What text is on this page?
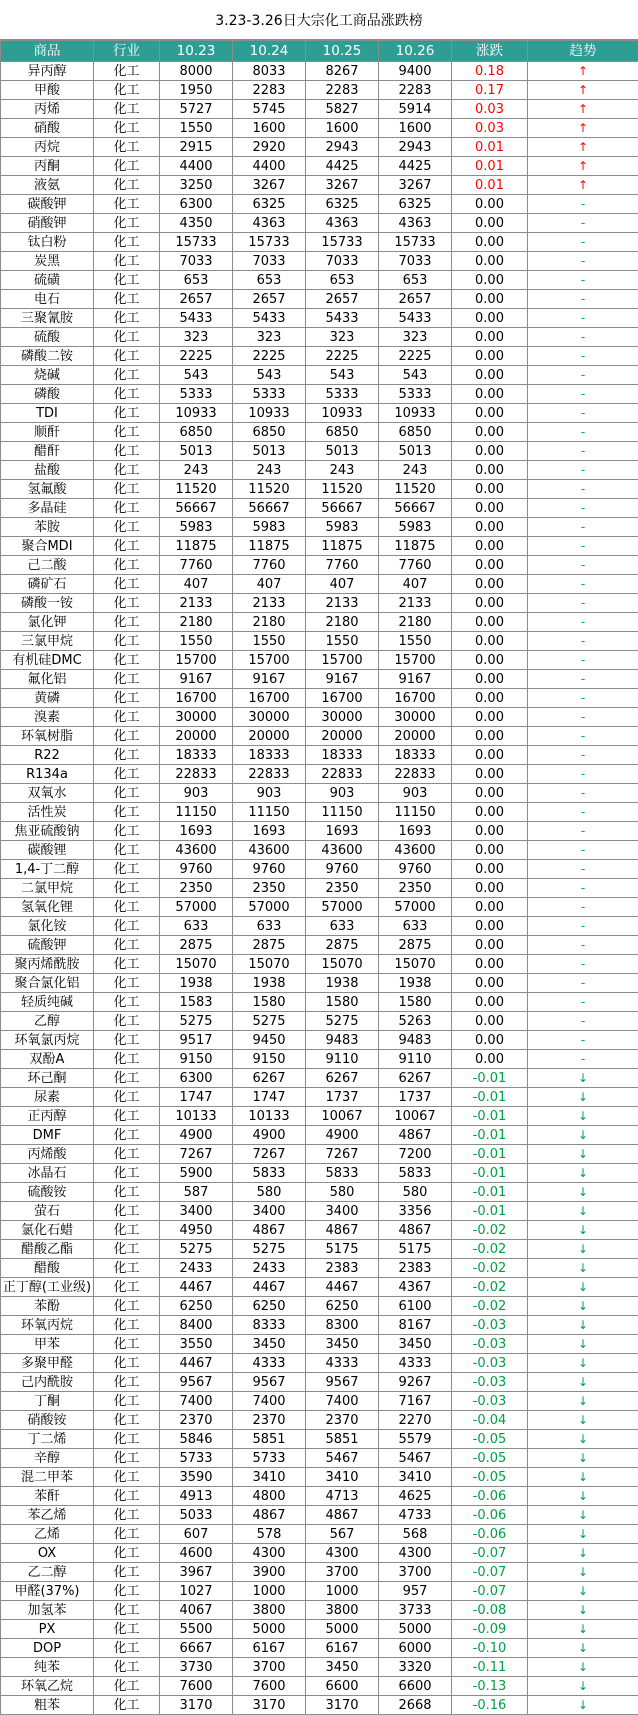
3.23-3.26日大宗化工商品涨跌榜
商品	行业	10.23	10.24	10.25	10.26	涨跌	趋势
异丙醇	化工	8000	8033	8267	9400	0.18	↑
甲酸	化工	1950	2283	2283	2283	0.17	↑
丙烯	化工	5727	5745	5827	5914	0.03	↑
硝酸	化工	1550	1600	1600	1600	0.03	↑
丙烷	化工	2915	2920	2943	2943	0.01	↑
丙酮	化工	4400	4400	4425	4425	0.01	↑
液氨	化工	3250	3267	3267	3267	0.01	↑
碳酸钾	化工	6300	6325	6325	6325	0.00	-
硝酸钾	化工	4350	4363	4363	4363	0.00	-
钛白粉	化工	15733	15733	15733	15733	0.00	-
炭黑	化工	7033	7033	7033	7033	0.00	-
硫磺	化工	653	653	653	653	0.00	-
电石	化工	2657	2657	2657	2657	0.00	-
三聚氰胺	化工	5433	5433	5433	5433	0.00	-
硫酸	化工	323	323	323	323	0.00	-
磷酸二铵	化工	2225	2225	2225	2225	0.00	-
烧碱	化工	543	543	543	543	0.00	-
磷酸	化工	5333	5333	5333	5333	0.00	-
TDI	化工	10933	10933	10933	10933	0.00	-
顺酐	化工	6850	6850	6850	6850	0.00	-
醋酐	化工	5013	5013	5013	5013	0.00	-
盐酸	化工	243	243	243	243	0.00	-
氢氟酸	化工	11520	11520	11520	11520	0.00	-
多晶硅	化工	56667	56667	56667	56667	0.00	-
苯胺	化工	5983	5983	5983	5983	0.00	-
聚合MDI	化工	11875	11875	11875	11875	0.00	-
己二酸	化工	7760	7760	7760	7760	0.00	-
磷矿石	化工	407	407	407	407	0.00	-
磷酸一铵	化工	2133	2133	2133	2133	0.00	-
氯化钾	化工	2180	2180	2180	2180	0.00	-
三氯甲烷	化工	1550	1550	1550	1550	0.00	-
有机硅DMC	化工	15700	15700	15700	15700	0.00	-
氟化铝	化工	9167	9167	9167	9167	0.00	-
黄磷	化工	16700	16700	16700	16700	0.00	-
溴素	化工	30000	30000	30000	30000	0.00	-
环氧树脂	化工	20000	20000	20000	20000	0.00	-
R22	化工	18333	18333	18333	18333	0.00	-
R134a	化工	22833	22833	22833	22833	0.00	-
双氧水	化工	903	903	903	903	0.00	-
活性炭	化工	11150	11150	11150	11150	0.00	-
焦亚硫酸钠	化工	1693	1693	1693	1693	0.00	-
碳酸锂	化工	43600	43600	43600	43600	0.00	-
1,4-丁二醇	化工	9760	9760	9760	9760	0.00	-
二氯甲烷	化工	2350	2350	2350	2350	0.00	-
氢氧化锂	化工	57000	57000	57000	57000	0.00	-
氯化铵	化工	633	633	633	633	0.00	-
硫酸钾	化工	2875	2875	2875	2875	0.00	-
聚丙烯酰胺	化工	15070	15070	15070	15070	0.00	-
聚合氯化铝	化工	1938	1938	1938	1938	0.00	-
轻质纯碱	化工	1583	1580	1580	1580	0.00	-
乙醇	化工	5275	5275	5275	5263	0.00	-
环氧氯丙烷	化工	9517	9450	9483	9483	0.00	-
双酚A	化工	9150	9150	9110	9110	0.00	-
环己酮	化工	6300	6267	6267	6267	-0.01	↓
尿素	化工	1747	1747	1737	1737	-0.01	↓
正丙醇	化工	10133	10133	10067	10067	-0.01	↓
DMF	化工	4900	4900	4900	4867	-0.01	↓
丙烯酸	化工	7267	7267	7267	7200	-0.01	↓
冰晶石	化工	5900	5833	5833	5833	-0.01	↓
硫酸铵	化工	587	580	580	580	-0.01	↓
萤石	化工	3400	3400	3400	3356	-0.01	↓
氯化石蜡	化工	4950	4867	4867	4867	-0.02	↓
醋酸乙酯	化工	5275	5275	5175	5175	-0.02	↓
醋酸	化工	2433	2433	2383	2383	-0.02	↓
正丁醇(工业级)	化工	4467	4467	4467	4367	-0.02	↓
苯酚	化工	6250	6250	6250	6100	-0.02	↓
环氧丙烷	化工	8400	8333	8300	8167	-0.03	↓
甲苯	化工	3550	3450	3450	3450	-0.03	↓
多聚甲醛	化工	4467	4333	4333	4333	-0.03	↓
己内酰胺	化工	9567	9567	9567	9267	-0.03	↓
丁酮	化工	7400	7400	7400	7167	-0.03	↓
硝酸铵	化工	2370	2370	2370	2270	-0.04	↓
丁二烯	化工	5846	5851	5851	5579	-0.05	↓
辛醇	化工	5733	5733	5467	5467	-0.05	↓
混二甲苯	化工	3590	3410	3410	3410	-0.05	↓
苯酐	化工	4913	4800	4713	4625	-0.06	↓
苯乙烯	化工	5033	4867	4867	4733	-0.06	↓
乙烯	化工	607	578	567	568	-0.06	↓
OX	化工	4600	4300	4300	4300	-0.07	↓
乙二醇	化工	3967	3900	3700	3700	-0.07	↓
甲醛(37%)	化工	1027	1000	1000	957	-0.07	↓
加氢苯	化工	4067	3800	3800	3733	-0.08	↓
PX	化工	5500	5000	5000	5000	-0.09	↓
DOP	化工	6667	6167	6167	6000	-0.10	↓
纯苯	化工	3730	3700	3450	3320	-0.11	↓
环氧乙烷	化工	7600	7600	6600	6600	-0.13	↓
粗苯	化工	3170	3170	3170	2668	-0.16	↓
